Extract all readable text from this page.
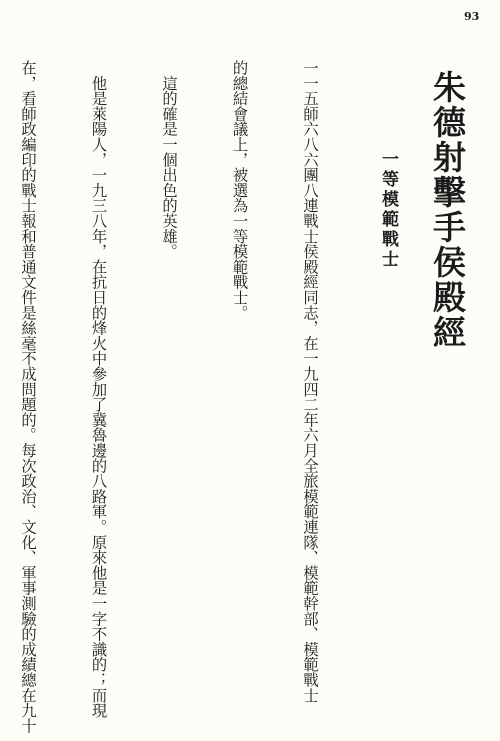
93
朱德射擊手侯殿經
一等模範戰士

一一五師六八六團八連戰士侯殿經同志，在一九四二年六月全旅模範連隊、模範幹部、模範戰士

的總結會議上，被選為一等模範戰士。

　這的確是一個出色的英雄。

　他是萊陽人，一九三八年，在抗日的烽火中參加了冀魯邊的八路軍。原來他是一字不識的；而現

在，看師政編印的戰士報和普通文件是絲毫不成問題的。每次政治、文化、軍事測驗的成績總在九十
